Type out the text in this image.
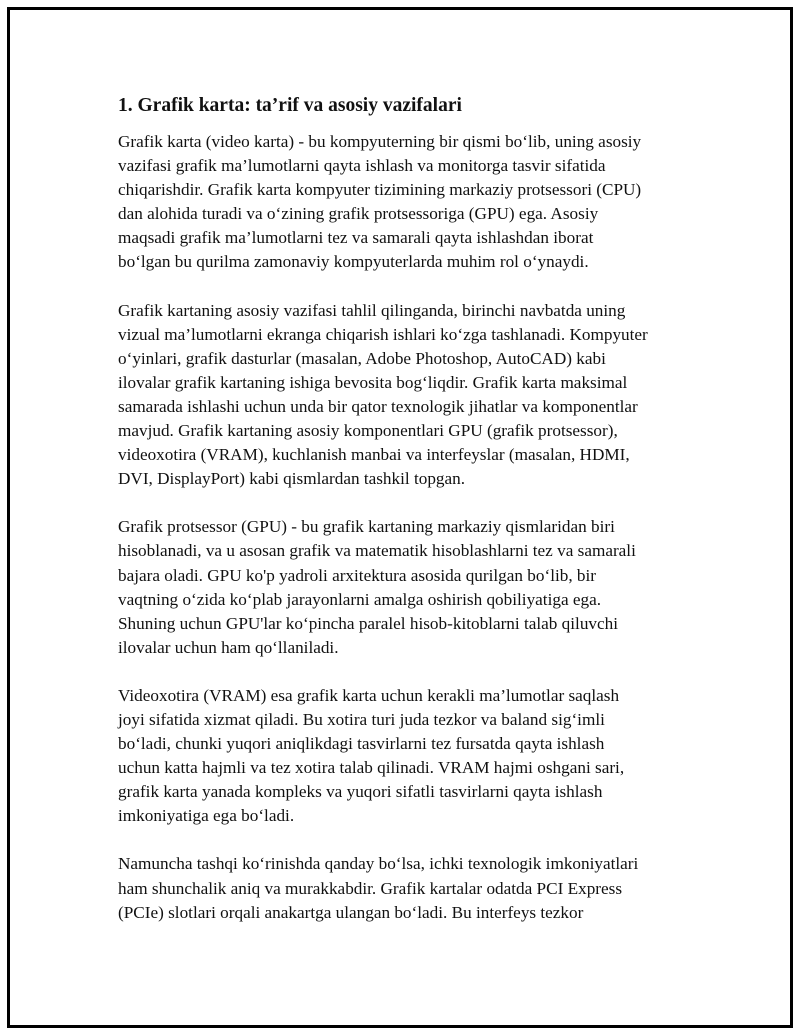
1. Grafik karta: ta’rif va asosiy vazifalari
Grafik karta (video karta) - bu kompyuterning bir qismi bo‘lib, uning asosiy
vazifasi grafik ma’lumotlarni qayta ishlash va monitorga tasvir sifatida
chiqarishdir. Grafik karta kompyuter tizimining markaziy protsessori (CPU)
dan alohida turadi va o‘zining grafik protsessoriga (GPU) ega. Asosiy
maqsadi grafik ma’lumotlarni tez va samarali qayta ishlashdan iborat
bo‘lgan bu qurilma zamonaviy kompyuterlarda muhim rol o‘ynaydi.
Grafik kartaning asosiy vazifasi tahlil qilinganda, birinchi navbatda uning
vizual ma’lumotlarni ekranga chiqarish ishlari ko‘zga tashlanadi. Kompyuter
o‘yinlari, grafik dasturlar (masalan, Adobe Photoshop, AutoCAD) kabi
ilovalar grafik kartaning ishiga bevosita bog‘liqdir. Grafik karta maksimal
samarada ishlashi uchun unda bir qator texnologik jihatlar va komponentlar
mavjud. Grafik kartaning asosiy komponentlari GPU (grafik protsessor),
videoxotira (VRAM), kuchlanish manbai va interfeyslar (masalan, HDMI,
DVI, DisplayPort) kabi qismlardan tashkil topgan.
Grafik protsessor (GPU) - bu grafik kartaning markaziy qismlaridan biri
hisoblanadi, va u asosan grafik va matematik hisoblashlarni tez va samarali
bajara oladi. GPU ko'p yadroli arxitektura asosida qurilgan bo‘lib, bir
vaqtning o‘zida ko‘plab jarayonlarni amalga oshirish qobiliyatiga ega.
Shuning uchun GPU'lar ko‘pincha paralel hisob-kitoblarni talab qiluvchi
ilovalar uchun ham qo‘llaniladi.
Videoxotira (VRAM) esa grafik karta uchun kerakli ma’lumotlar saqlash
joyi sifatida xizmat qiladi. Bu xotira turi juda tezkor va baland sig‘imli
bo‘ladi, chunki yuqori aniqlikdagi tasvirlarni tez fursatda qayta ishlash
uchun katta hajmli va tez xotira talab qilinadi. VRAM hajmi oshgani sari,
grafik karta yanada kompleks va yuqori sifatli tasvirlarni qayta ishlash
imkoniyatiga ega bo‘ladi.
Namuncha tashqi ko‘rinishda qanday bo‘lsa, ichki texnologik imkoniyatlari
ham shunchalik aniq va murakkabdir. Grafik kartalar odatda PCI Express
(PCIe) slotlari orqali anakartga ulangan bo‘ladi. Bu interfeys tezkor
